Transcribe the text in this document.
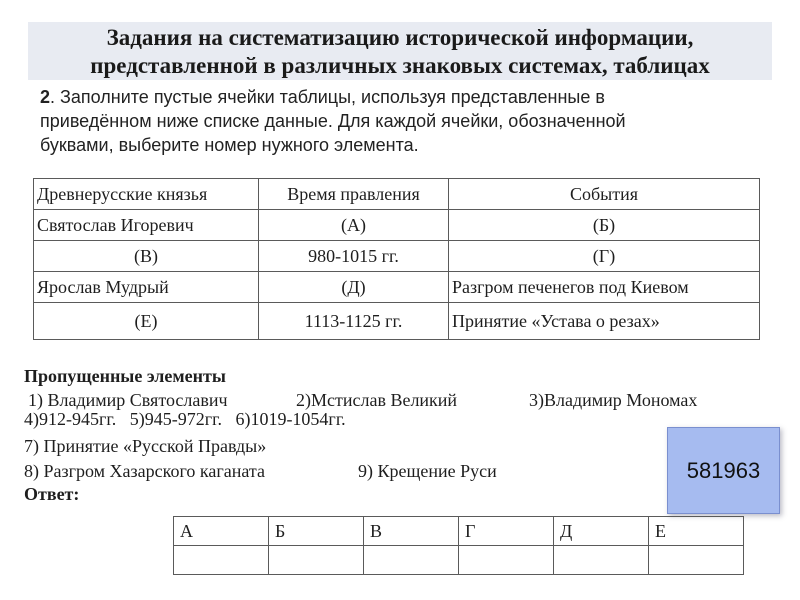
Задания на систематизацию исторической информации,
представленной в различных знаковых системах, таблицах
2. Заполните пустые ячейки таблицы, используя представленные в
приведённом ниже списке данные. Для каждой ячейки, обозначенной
буквами, выберите номер нужного элемента.
Древнерусские князья	Время правления	События
Святослав Игоревич	(А)	(Б)
(В)	980-1015 гг.	(Г)
Ярослав Мудрый	(Д)	Разгром печенегов под Киевом
(Е)	1113-1125 гг.	Принятие «Устава о резах»
Пропущенные элементы
1) Владимир Святославич	2)Мстислав Великий	3)Владимир Мономах
4)912-945гг.   5)945-972гг.   6)1019-1054гг.
7) Принятие «Русской Правды»
8) Разгром Хазарского каганата	9) Крещение Руси
Ответ:
581963
А	Б	В	Г	Д	Е
